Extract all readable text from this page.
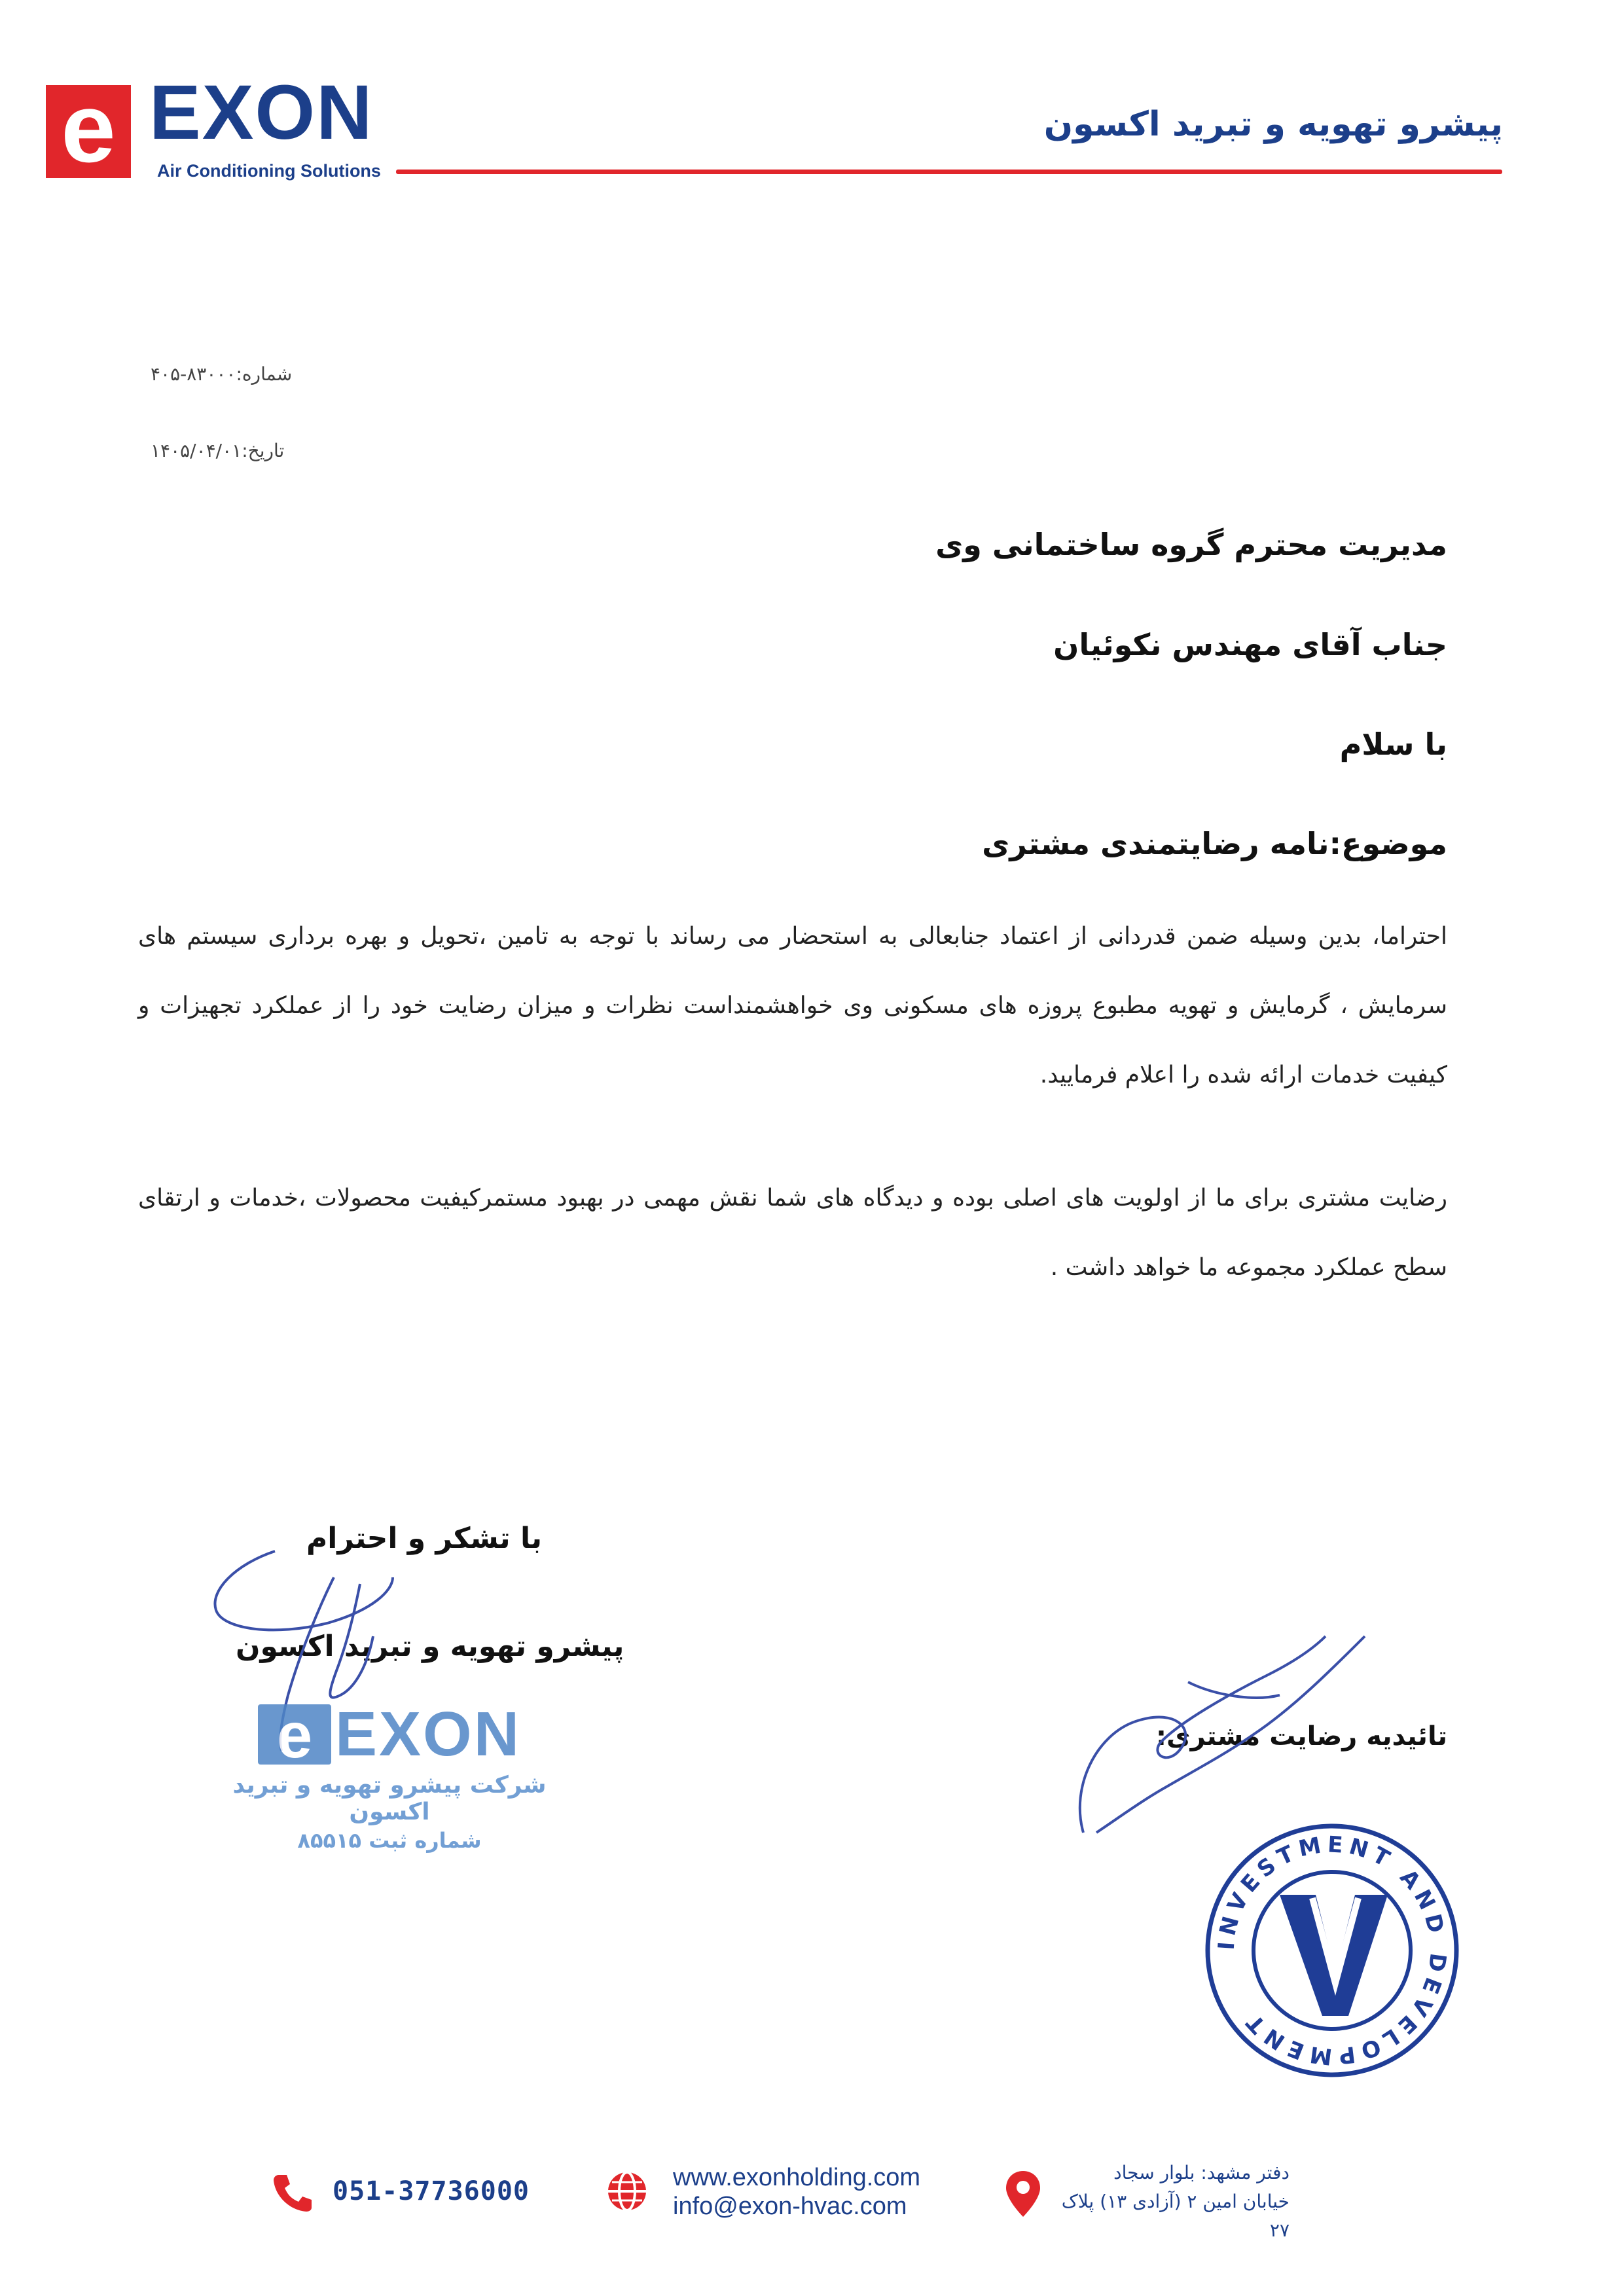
e EXON
Air Conditioning Solutions
پیشرو تهویه و تبرید اکسون
شماره:۸۳۰۰۰-۴۰۵
تاریخ:۱۴۰۵/۰۴/۰۱
مدیریت محترم گروه ساختمانی وی
جناب آقای مهندس نکوئیان
با سلام
موضوع:نامه رضایتمندی مشتری
احتراما، بدین وسیله ضمن قدردانی از اعتماد جنابعالی به استحضار می رساند با توجه به تامین ،تحویل و بهره برداری سیستم های سرمایش ، گرمایش و تهویه مطبوع پروزه های مسکونی وی خواهشمنداست نظرات و میزان رضایت خود را از عملکرد تجهیزات و کیفیت خدمات ارائه شده را اعلام فرمایید.
رضایت مشتری برای ما از اولویت های اصلی بوده و دیدگاه های شما نقش مهمی در بهبود مستمرکیفیت محصولات ،خدمات و ارتقای سطح عملکرد مجموعه ما خواهد داشت .
با تشکر و احترام
پیشرو تهویه و تبرید اکسون
e EXON
شرکت پیشرو تهویه و تبرید اکسون
شماره ثبت ۸۵۵۱۵
تائیدیه رضایت مشتری:
INVESTMENT AND DEVELOPMENT
051-37736000	www.exonholding.com
info@exon-hvac.com
دفتر مشهد: بلوار سجاد
خیابان امین ۲ (آزادی ۱۳) پلاک ۲۷
